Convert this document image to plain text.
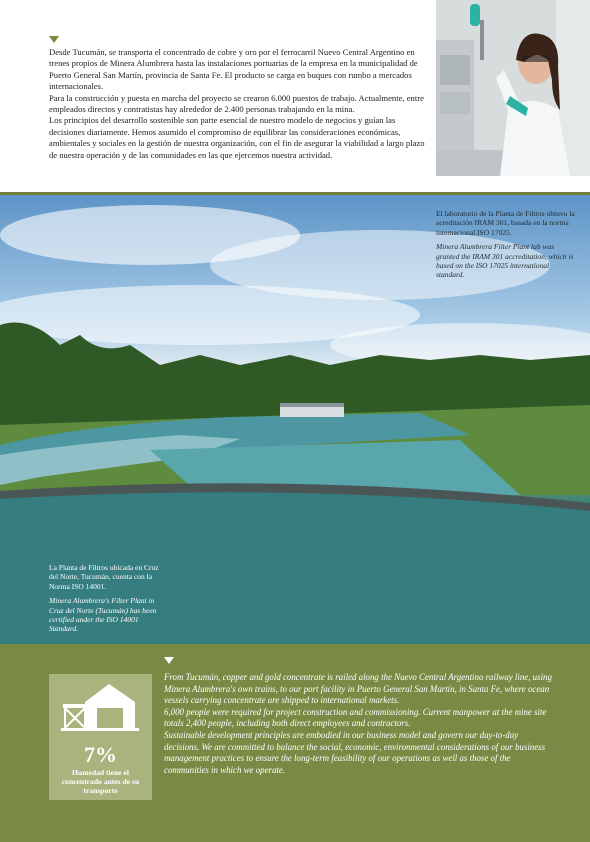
Desde Tucumán, se transporta el concentrado de cobre y oro por el ferrocarril Nuevo Central Argentino en trenes propios de Minera Alumbrera hasta las instalaciones portuarias de la empresa en la municipalidad de Puerto General San Martín, provincia de Santa Fe. El producto se carga en buques con rumbo a mercados internacionales.

Para la construcción y puesta en marcha del proyecto se crearon 6.000 puestos de trabajo. Actualmente, entre empleados directos y contratistas hay alrededor de 2.400 personas trabajando en la mina.

Los principios del desarrollo sostenible son parte esencial de nuestro modelo de negocios y guían las decisiones diariamente. Hemos asumido el compromiso de equilibrar las consideraciones económicas, ambientales y sociales en la gestión de nuestra organización, con el fin de asegurar la viabilidad a largo plazo de nuestra operación y de las comunidades en las que ejercemos nuestra actividad.

El laboratorio de la Planta de Filtros obtuvo la acreditación IRAM 301, basada en la norma internacional ISO 17025.

Minera Alumbrera Filter Plant lab was granted the IRAM 301 accreditation, which is based on the ISO 17025 international standard.

La Planta de Filtros ubicada en Cruz del Norte, Tucumán, cuenta con la Norma ISO 14001.

Minera Alumbrera's Filter Plant in Cruz del Norte (Tucumán) has been certified under the ISO 14001 Standard.

7%
Humedad tiene el concentrado antes de su transporte

From Tucumán, copper and gold concentrate is railed along the Nuevo Central Argentino railway line, using Minera Alumbrera's own trains, to our port facility in Puerto General San Martín, in Santa Fe, where ocean vessels carrying concentrate are shipped to international markets.

6,000 people were required for project construction and commissioning. Current manpower at the mine site totals 2,400 people, including both direct employees and contractors.

Sustainable development principles are embodied in our business model and govern our day-to-day decisions. We are committed to balance the social, economic, environmental considerations of our business management practices to ensure the long-term feasibility of our operations as well as those of the communities in which we operate.
